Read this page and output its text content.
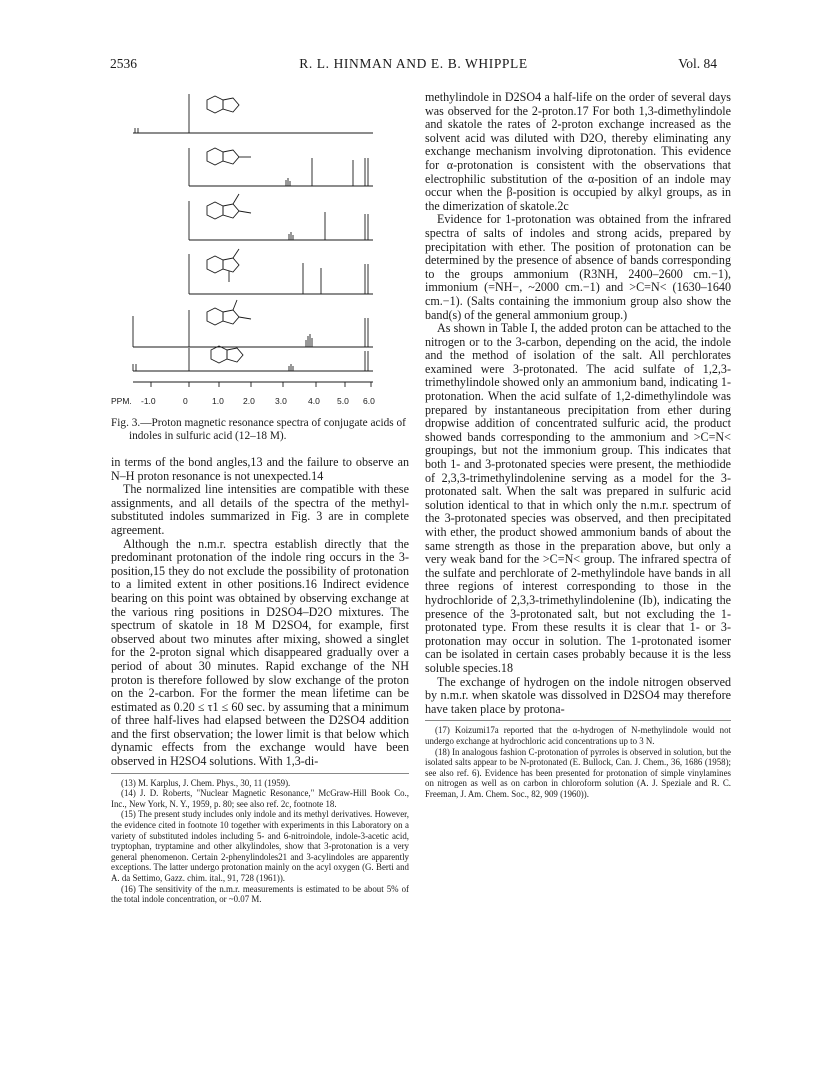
2536	R. L. HINMAN AND E. B. WHIPPLE	Vol. 84
PPM. -1.0	0	1.0 2.0 3.0 4.0 5.0 6.0

Fig. 3.—Proton magnetic resonance spectra of conjugate acids of indoles in sulfuric acid (12–18 M).

in terms of the bond angles,13 and the failure to observe an N–H proton resonance is not unexpected.14

The normalized line intensities are compatible with these assignments, and all details of the spectra of the methyl-substituted indoles summarized in Fig. 3 are in complete agreement.

Although the n.m.r. spectra establish directly that the predominant protonation of the indole ring occurs in the 3-position,15 they do not exclude the possibility of protonation to a limited extent in other positions.16 Indirect evidence bearing on this point was obtained by observing exchange at the various ring positions in D2SO4–D2O mixtures. The spectrum of skatole in 18 M D2SO4, for example, first observed about two minutes after mixing, showed a singlet for the 2-proton signal which disappeared gradually over a period of about 30 minutes. Rapid exchange of the NH proton is therefore followed by slow exchange of the proton on the 2-carbon. For the former the mean lifetime can be estimated as 0.20 ≤ τ1 ≤ 60 sec. by assuming that a minimum of three half-lives had elapsed between the D2SO4 addition and the first observation; the lower limit is that below which dynamic effects from the exchange would have been observed in H2SO4 solutions. With 1,3-di-

(13) M. Karplus, J. Chem. Phys., 30, 11 (1959).

(14) J. D. Roberts, "Nuclear Magnetic Resonance," McGraw-Hill Book Co., Inc., New York, N. Y., 1959, p. 80; see also ref. 2c, footnote 18.

(15) The present study includes only indole and its methyl derivatives. However, the evidence cited in footnote 10 together with experiments in this Laboratory on a variety of substituted indoles including 5- and 6-nitroindole, indole-3-acetic acid, tryptophan, tryptamine and other alkylindoles, show that 3-protonation is a very general phenomenon. Certain 2-phenylindoles21 and 3-acylindoles are apparently exceptions. The latter undergo protonation mainly on the acyl oxygen (G. Berti and A. da Settimo, Gazz. chim. ital., 91, 728 (1961)).

(16) The sensitivity of the n.m.r. measurements is estimated to be about 5% of the total indole concentration, or ~0.07 M.

methylindole in D2SO4 a half-life on the order of several days was observed for the 2-proton.17 For both 1,3-dimethylindole and skatole the rates of 2-proton exchange increased as the solvent acid was diluted with D2O, thereby eliminating any exchange mechanism involving diprotonation. This evidence for α-protonation is consistent with the observations that electrophilic substitution of the α-position of an indole may occur when the β-position is occupied by alkyl groups, as in the dimerization of skatole.2c

Evidence for 1-protonation was obtained from the infrared spectra of salts of indoles and strong acids, prepared by precipitation with ether. The position of protonation can be determined by the presence of absence of bands corresponding to the groups ammonium (R3NH, 2400–2600 cm.−1), immonium (=NH−, ~2000 cm.−1) and >C=N< (1630–1640 cm.−1). (Salts containing the immonium group also show the band(s) of the general ammonium group.)

As shown in Table I, the added proton can be attached to the nitrogen or to the 3-carbon, depending on the acid, the indole and the method of isolation of the salt. All perchlorates examined were 3-protonated. The acid sulfate of 1,2,3-trimethylindole showed only an ammonium band, indicating 1-protonation. When the acid sulfate of 1,2-dimethylindole was prepared by instantaneous precipitation from ether during dropwise addition of concentrated sulfuric acid, the product showed bands corresponding to the ammonium and >C=N< groupings, but not the immonium group. This indicates that both 1- and 3-protonated species were present, the methiodide of 2,3,3-trimethylindolenine serving as a model for the 3-protonated salt. When the salt was prepared in sulfuric acid solution identical to that in which only the n.m.r. spectrum of the 3-protonated species was observed, and then precipitated with ether, the product showed ammonium bands of about the same strength as those in the preparation above, but only a very weak band for the >C=N< group. The infrared spectra of the sulfate and perchlorate of 2-methylindole have bands in all three regions of interest corresponding to those in the hydrochloride of 2,3,3-trimethylindolenine (Ib), indicating the presence of the 3-protonated salt, but not excluding the 1-protonated type. From these results it is clear that 1- or 3-protonation may occur in solution. The 1-protonated isomer can be isolated in certain cases probably because it is the less soluble species.18

The exchange of hydrogen on the indole nitrogen observed by n.m.r. when skatole was dissolved in D2SO4 may therefore have taken place by protona-

(17) Koizumi17a reported that the α-hydrogen of N-methylindole would not undergo exchange at hydrochloric acid concentrations up to 3 N.

(18) In analogous fashion C-protonation of pyrroles is observed in solution, but the isolated salts appear to be N-protonated (E. Bullock, Can. J. Chem., 36, 1686 (1958); see also ref. 6). Evidence has been presented for protonation of simple vinylamines on nitrogen as well as on carbon in chloroform solution (A. J. Speziale and R. C. Freeman, J. Am. Chem. Soc., 82, 909 (1960)).
